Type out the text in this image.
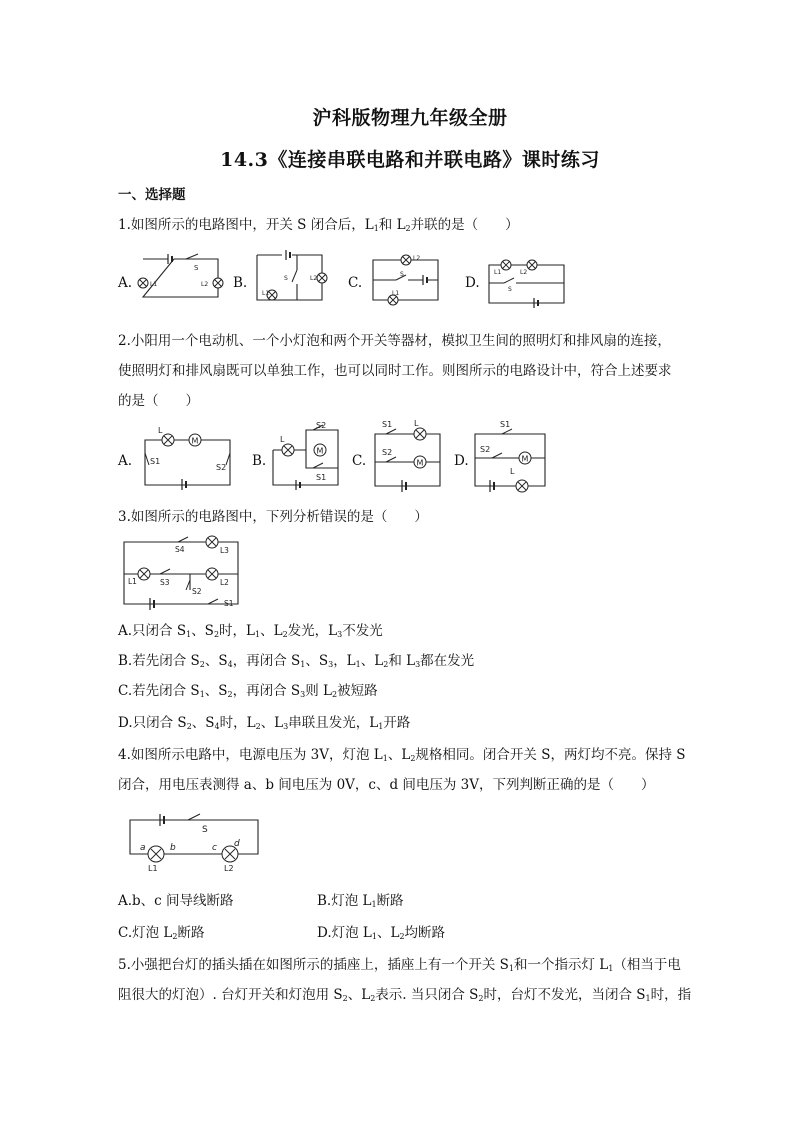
沪科版物理九年级全册
14.3《连接串联电路和并联电路》课时练习
一、选择题
1.如图所示的电路图中，开关 S 闭合后，$L_1$和 $L_2$并联的是（　　）
A.
S
L1	L2 B.	S
L1
L2 C.
S
L2
L1
D.
L1	L2
S
2.小阳用一个电动机、一个小灯泡和两个开关等器材，模拟卫生间的照明灯和排风扇的连接，
使照明灯和排风扇既可以单独工作，也可以同时工作。则图所示的电路设计中，符合上述要求
的是（　　）
A.
M
L
S1
S2 B.
M
L
S2
S1
C.	M
S1	L
S2
D.	M
S1
S2
L
3.如图所示的电路图中，下列分析错误的是（　　）
S4	L3
L1	S3
S2
L2
S1
A.只闭合 $S_1$、$S_2$时，$L_1$、$L_2$发光，$L_3$不发光
B.若先闭合 $S_2$、$S_4$，再闭合 $S_1$、$S_3$，$L_1$、$L_2$和 $L_3$都在发光
C.若先闭合 $S_1$、$S_2$，再闭合 $S_3$则 $L_2$被短路
D.只闭合 $S_2$、$S_4$时，$L_2$、$L_3$串联且发光，$L_1$开路
4.如图所示电路中，电源电压为 3V，灯泡 $L_1$、$L_2$规格相同。闭合开关 S，两灯均不亮。保持 S
闭合，用电压表测得 a、b 间电压为 0V，c、d 间电压为 3V，下列判断正确的是（　　）
S
a	b	c d
L1	L2
A.b、c 间导线断路	B.灯泡 $L_1$断路
C.灯泡 $L_2$断路	D.灯泡 $L_1$、$L_2$均断路
5.小强把台灯的插头插在如图所示的插座上，插座上有一个开关 $S_1$和一个指示灯 $L_1$（相当于电
阻很大的灯泡）. 台灯开关和灯泡用 $S_2$、$L_2$表示. 当只闭合 $S_2$时，台灯不发光，当闭合 $S_1$时，指
